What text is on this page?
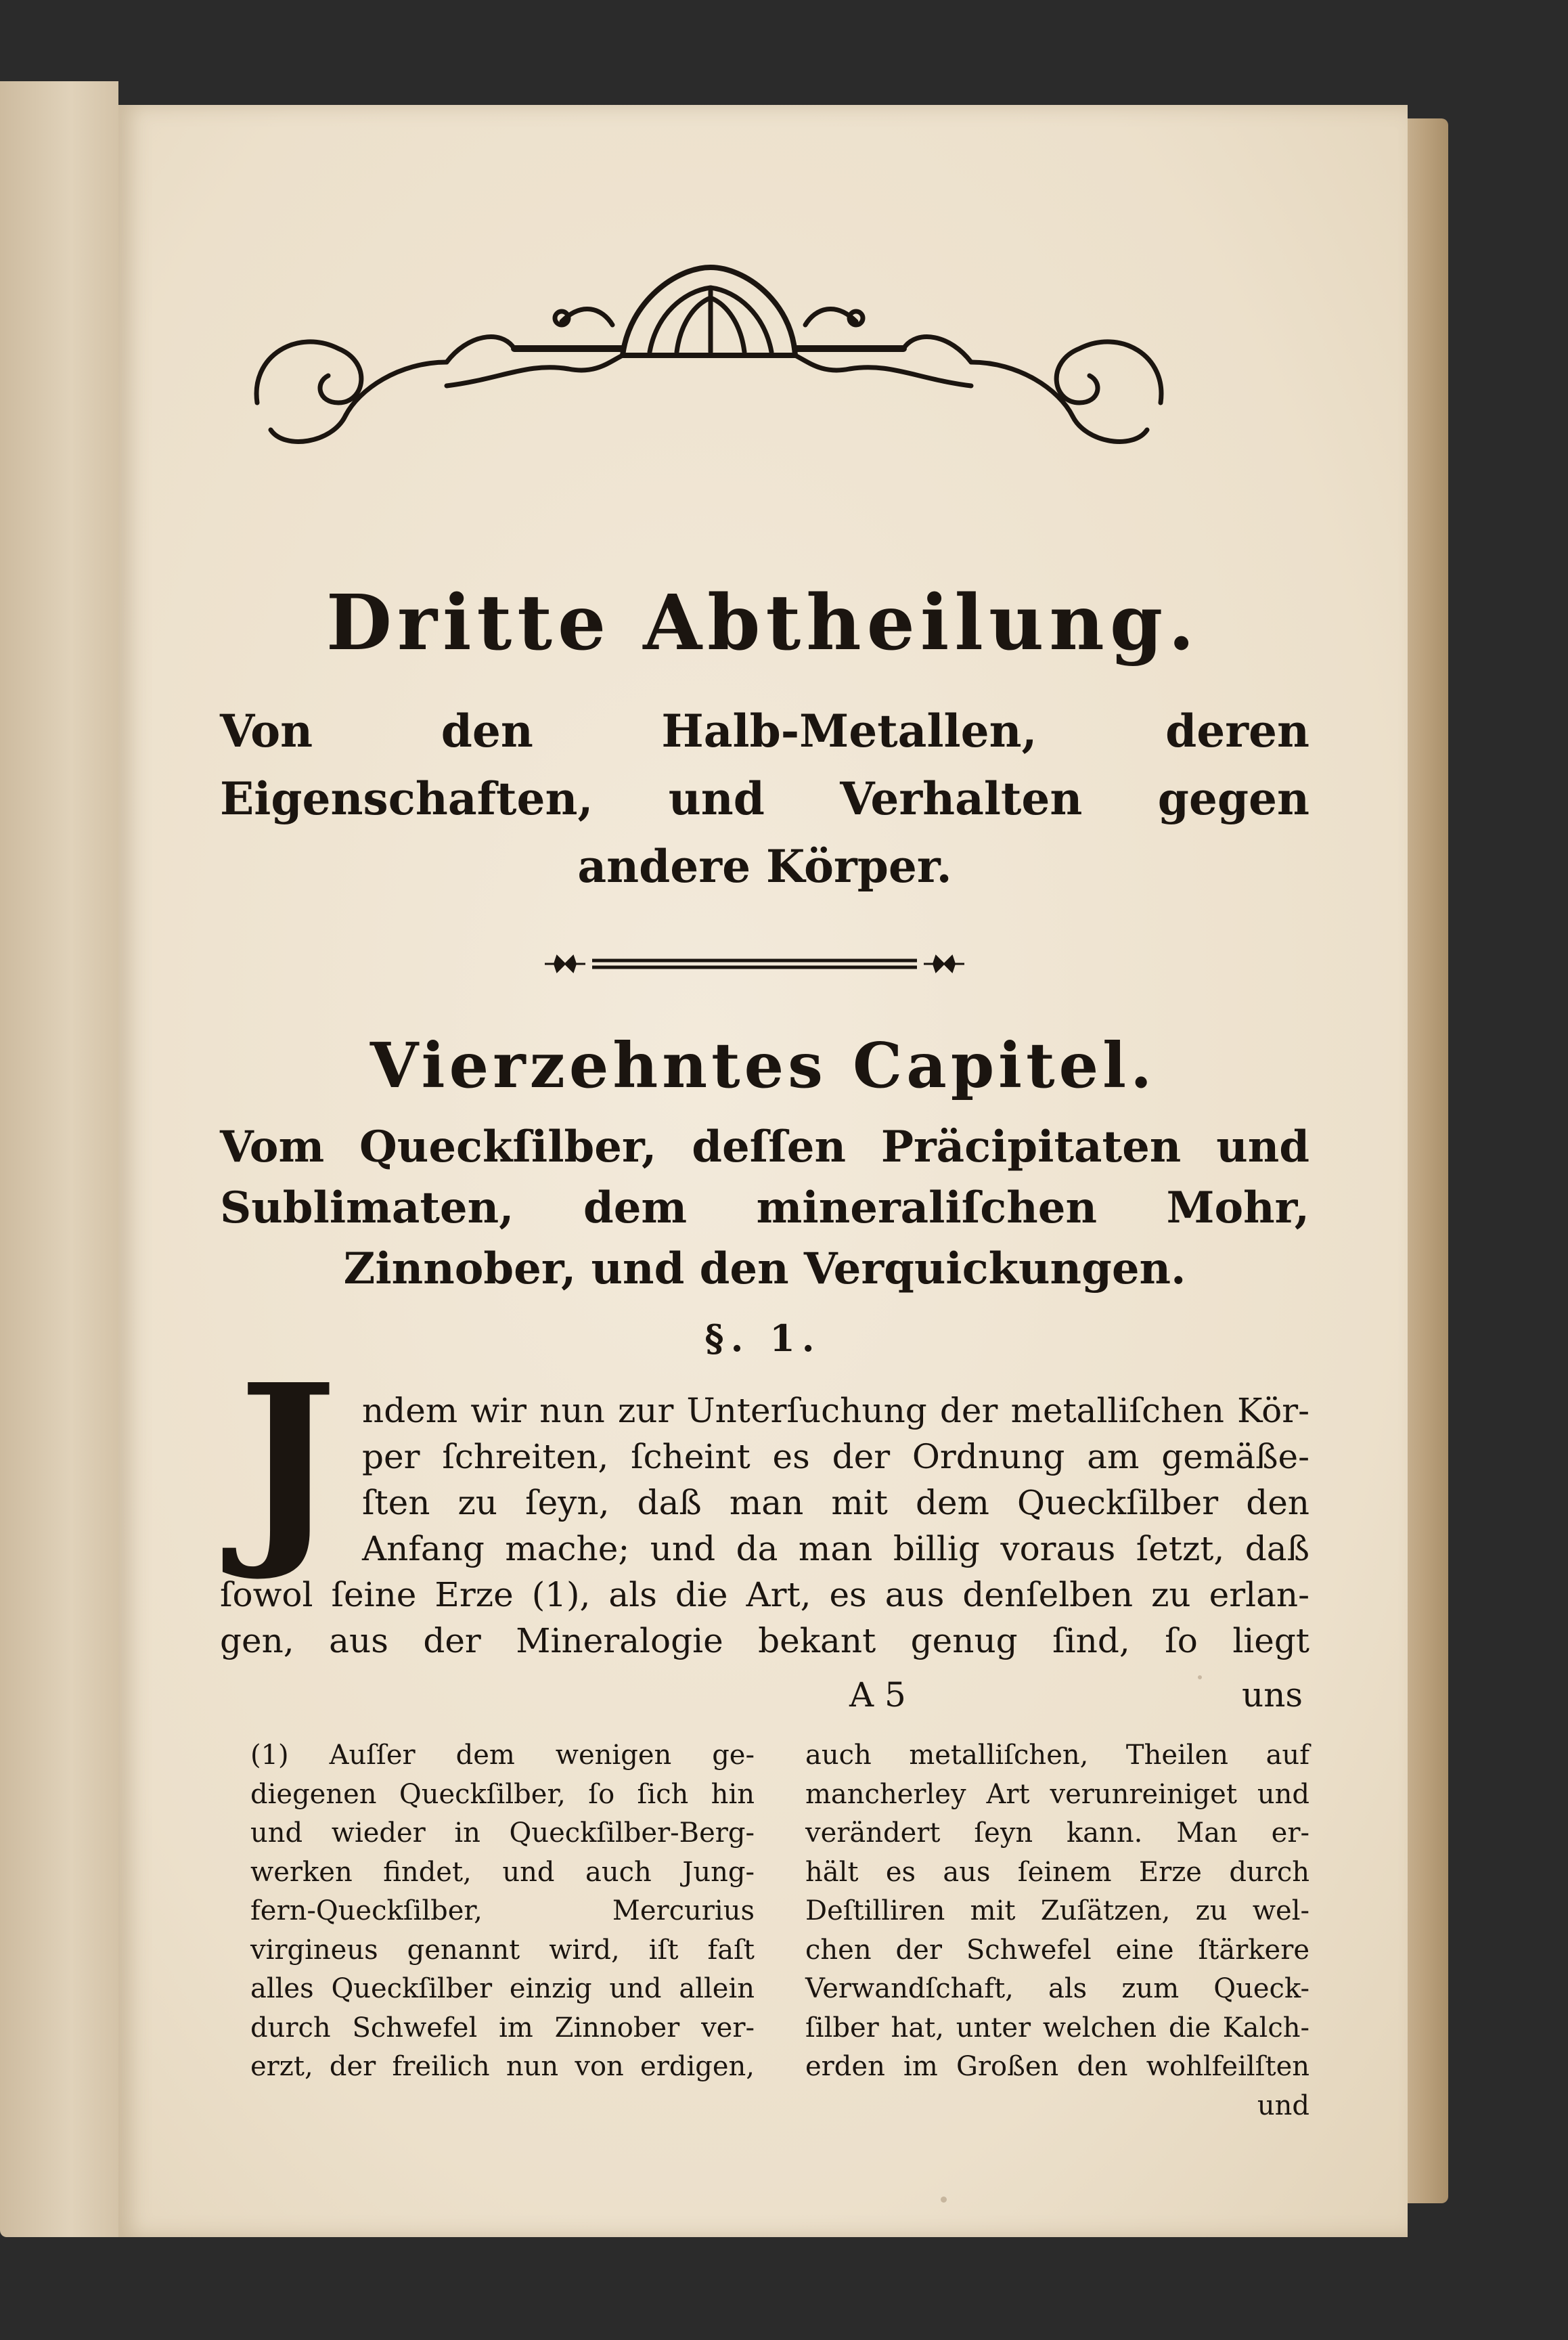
Dritte Abtheilung.
Von den Halb-Metallen, deren Eigenschaften, und Verhalten gegen andere Körper.
Vierzehntes Capitel.
Vom Queckſilber, deſſen Präcipitaten und Sublimaten, dem mineraliſchen Mohr, Zinnober, und den Verquickungen.
§. 1.
J ndem wir nun zur Unterſuchung der metalliſchen Kör-
per ſchreiten, ſcheint es der Ordnung am gemäße-
ſten zu ſeyn, daß man mit dem Queckſilber den
Anfang mache; und da man billig voraus ſetzt, daß
ſowol ſeine Erze (1), als die Art, es aus denſelben zu erlan-
gen, aus der Mineralogie bekant genug ſind, ſo liegt
A 5	uns
(1) Auſſer dem wenigen ge-
diegenen Queckſilber, ſo ſich hin
und wieder in Queckſilber-Berg-
werken findet, und auch Jung-
fern-Queckſilber, Mercurius
virgineus genannt wird, iſt faſt
alles Queckſilber einzig und allein
durch Schwefel im Zinnober ver-
erzt, der freilich nun von erdigen,
auch metalliſchen, Theilen auf
mancherley Art verunreiniget und
verändert ſeyn kann. Man er-
hält es aus ſeinem Erze durch
Deſtilliren mit Zuſätzen, zu wel-
chen der Schwefel eine ſtärkere
Verwandſchaft, als zum Queck-
ſilber hat, unter welchen die Kalch-
erden im Großen den wohlfeilſten
und
